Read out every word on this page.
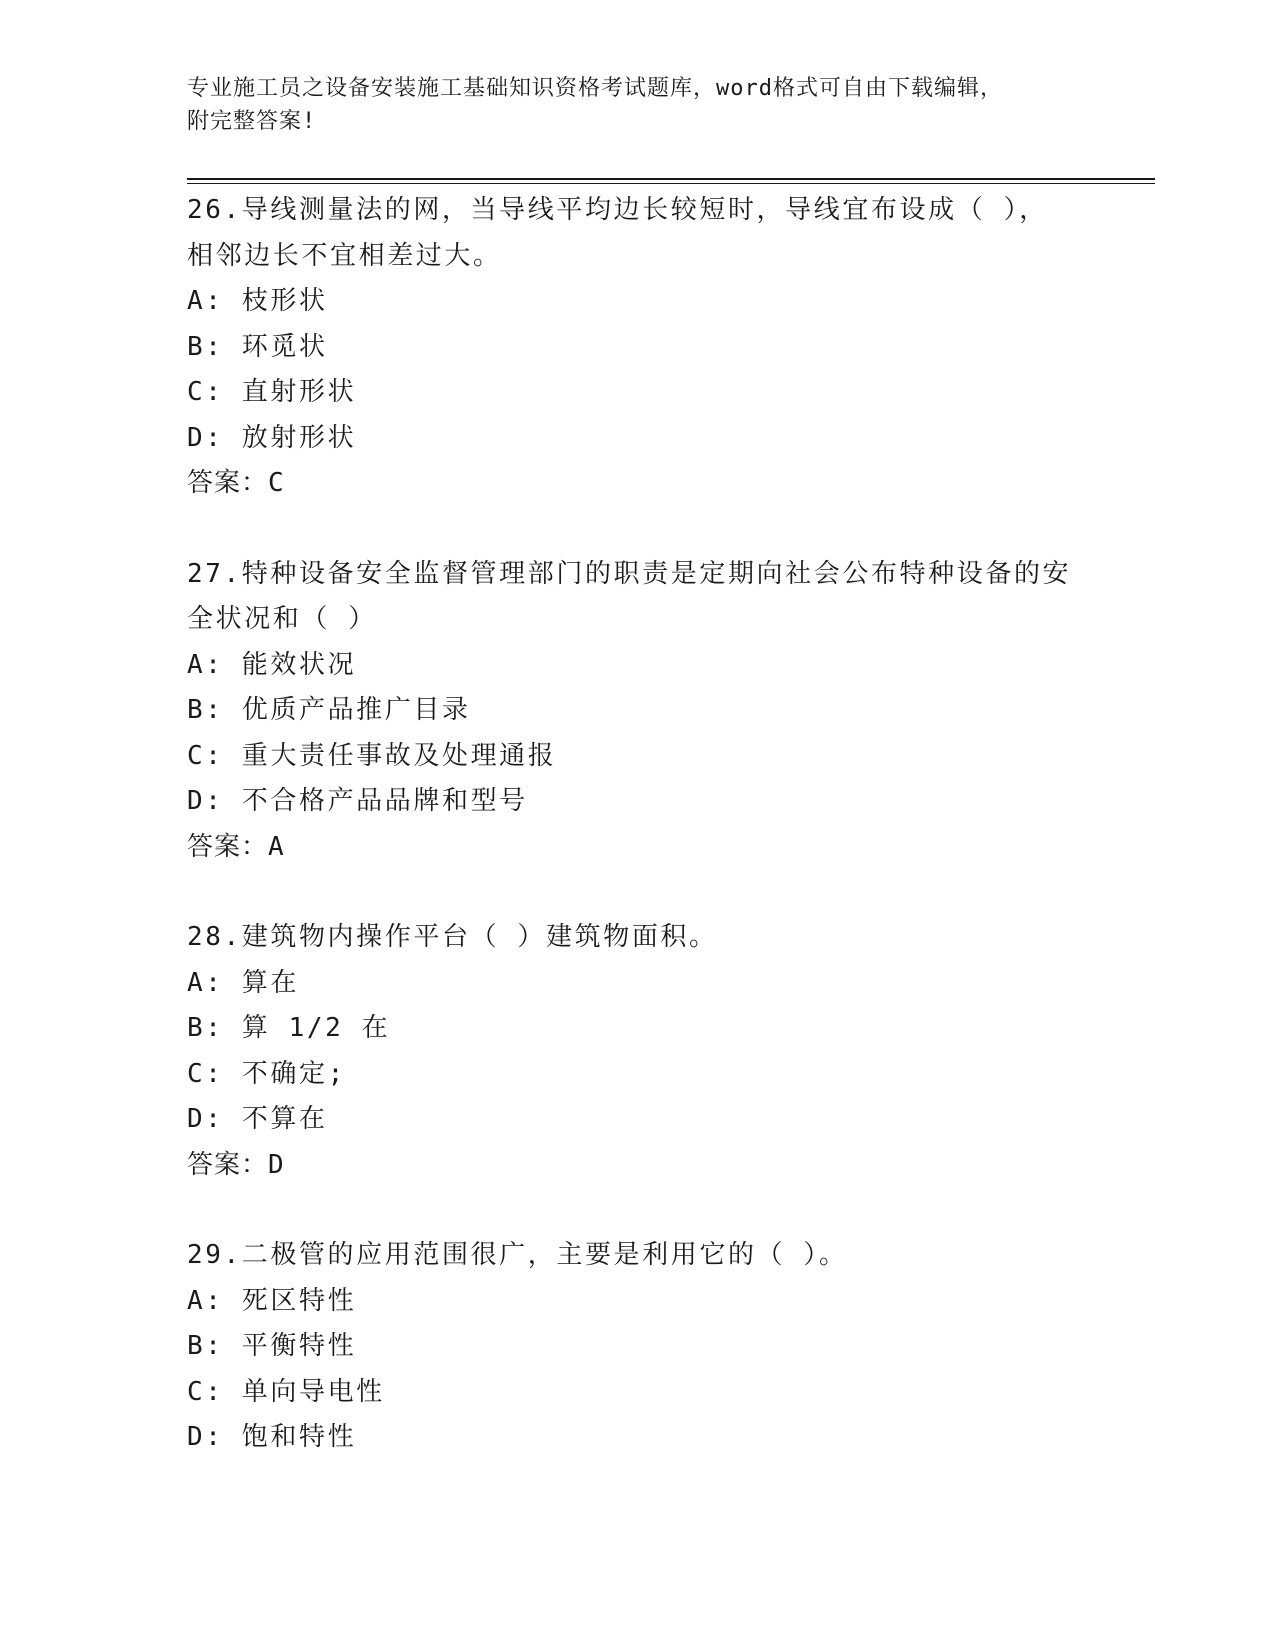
专业施工员之设备安装施工基础知识资格考试题库，word格式可自由下载编辑，
附完整答案!
26.导线测量法的网，当导线平均边长较短时，导线宜布设成（ ），
相邻边长不宜相差过大。
A: 枝形状
B: 环觅状
C: 直射形状
D: 放射形状
答案：C
27.特种设备安全监督管理部门的职责是定期向社会公布特种设备的安
全状况和（ ）
A: 能效状况
B: 优质产品推广目录
C: 重大责任事故及处理通报
D: 不合格产品品牌和型号
答案：A
28.建筑物内操作平台（ ）建筑物面积。
A: 算在
B: 算 1/2 在
C: 不确定;
D: 不算在
答案：D
29.二极管的应用范围很广，主要是利用它的（ ）。
A: 死区特性
B: 平衡特性
C: 单向导电性
D: 饱和特性
